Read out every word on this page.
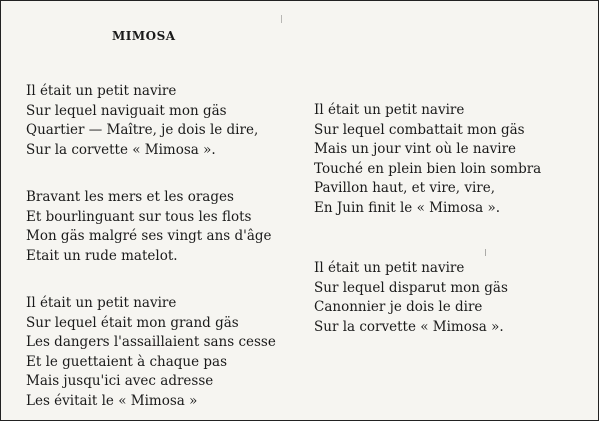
MIMOSA
Il était un petit navire
Sur lequel naviguait mon gäs
Quartier — Maître, je dois le dire,
Sur la corvette « Mimosa ».
Bravant les mers et les orages
Et bourlinguant sur tous les flots
Mon gäs malgré ses vingt ans d'âge
Etait un rude matelot.
Il était un petit navire
Sur lequel était mon grand gäs
Les dangers l'assaillaient sans cesse
Et le guettaient à chaque pas
Mais jusqu'ici avec adresse
Les évitait le « Mimosa »
Il était un petit navire
Sur lequel combattait mon gäs
Mais un jour vint où le navire
Touché en plein bien loin sombra
Pavillon haut, et vire, vire,
En Juin finit le « Mimosa ».
Il était un petit navire
Sur lequel disparut mon gäs
Canonnier je dois le dire
Sur la corvette « Mimosa ».
